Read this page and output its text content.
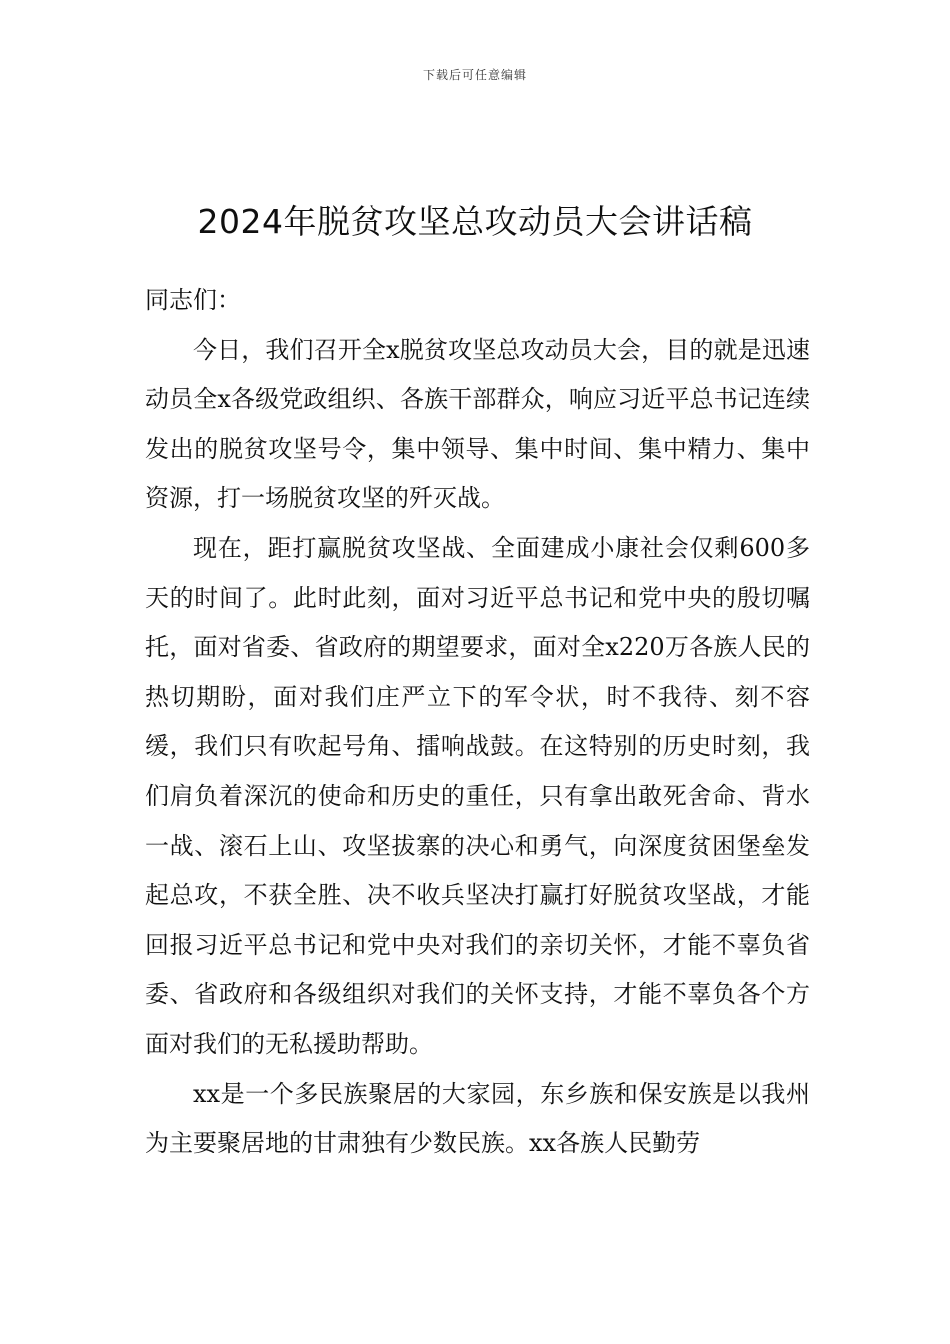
下载后可任意编辑
2024年脱贫攻坚总攻动员大会讲话稿

同志们：

今日，我们召开全x脱贫攻坚总攻动员大会，目的就是迅速动员全x各级党政组织、各族干部群众，响应习近平总书记连续发出的脱贫攻坚号令，集中领导、集中时间、集中精力、集中资源，打一场脱贫攻坚的歼灭战。

现在，距打赢脱贫攻坚战、全面建成小康社会仅剩600多天的时间了。此时此刻，面对习近平总书记和党中央的殷切嘱托，面对省委、省政府的期望要求，面对全x220万各族人民的热切期盼，面对我们庄严立下的军令状，时不我待、刻不容缓，我们只有吹起号角、擂响战鼓。在这特别的历史时刻，我们肩负着深沉的使命和历史的重任，只有拿出敢死舍命、背水一战、滚石上山、攻坚拔寨的决心和勇气，向深度贫困堡垒发起总攻，不获全胜、决不收兵坚决打赢打好脱贫攻坚战，才能回报习近平总书记和党中央对我们的亲切关怀，才能不辜负省委、省政府和各级组织对我们的关怀支持，才能不辜负各个方面对我们的无私援助帮助。

xx是一个多民族聚居的大家园，东乡族和保安族是以我州为主要聚居地的甘肃独有少数民族。xx各族人民勤劳
